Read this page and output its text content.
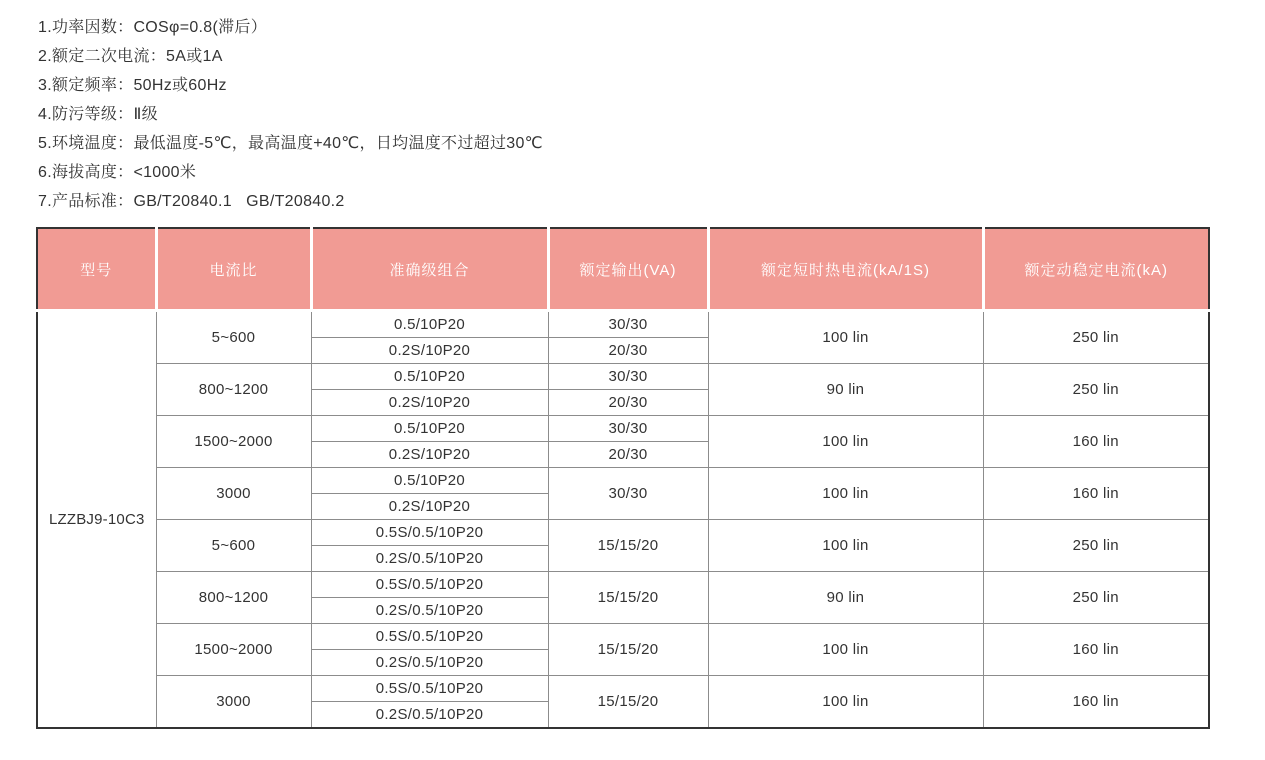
1.功率因数：COSφ=0.8(滞后）
2.额定二次电流：5A或1A
3.额定频率：50Hz或60Hz
4.防污等级：Ⅱ级
5.环境温度：最低温度-5℃，最高温度+40℃，日均温度不过超过30℃
6.海拔高度：<1000米
7.产品标准：GB/T20840.1   GB/T20840.2
型号	电流比	准确级组合	额定输出(VA)	额定短时热电流(kA/1S)	额定动稳定电流(kA)
LZZBJ9-10C3	5~600	0.5/10P20	30/30	100 lin	250 lin
		0.2S/10P20	20/30		
	800~1200	0.5/10P20	30/30	90 lin	250 lin
		0.2S/10P20	20/30		
	1500~2000	0.5/10P20	30/30	100 lin	160 lin
		0.2S/10P20	20/30		
	3000	0.5/10P20	30/30	100 lin	160 lin
		0.2S/10P20			
	5~600	0.5S/0.5/10P20	15/15/20	100 lin	250 lin
		0.2S/0.5/10P20			
	800~1200	0.5S/0.5/10P20	15/15/20	90 lin	250 lin
		0.2S/0.5/10P20			
	1500~2000	0.5S/0.5/10P20	15/15/20	100 lin	160 lin
		0.2S/0.5/10P20			
	3000	0.5S/0.5/10P20	15/15/20	100 lin	160 lin
		0.2S/0.5/10P20			
